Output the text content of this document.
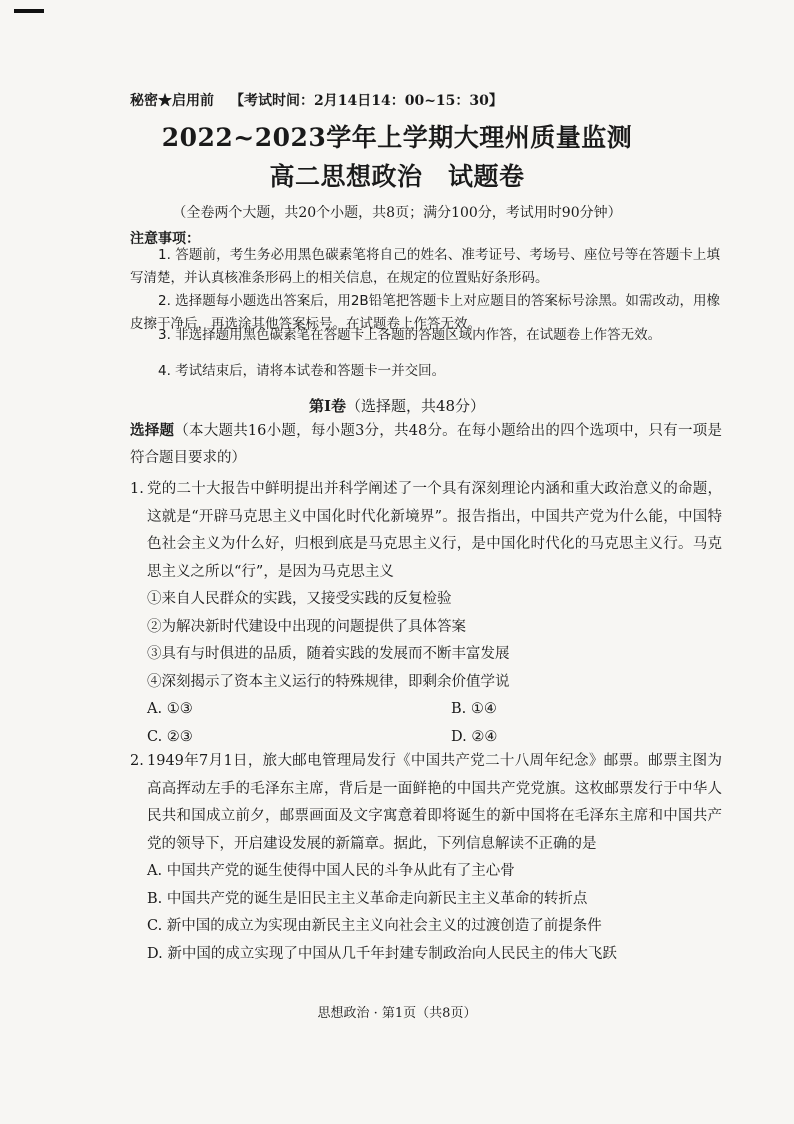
秘密★启用前 【考试时间：2月14日14：00~15：30】
2022~2023学年上学期大理州质量监测
高二思想政治　试题卷
（全卷两个大题，共20个小题，共8页；满分100分，考试用时90分钟）
注意事项：
1. 答题前，考生务必用黑色碳素笔将自己的姓名、准考证号、考场号、座位号等在答题卡上填写清楚，并认真核准条形码上的相关信息，在规定的位置贴好条形码。
2. 选择题每小题选出答案后，用2B铅笔把答题卡上对应题目的答案标号涂黑。如需改动，用橡皮擦干净后，再选涂其他答案标号。在试题卷上作答无效。
3. 非选择题用黑色碳素笔在答题卡上各题的答题区域内作答，在试题卷上作答无效。
4. 考试结束后，请将本试卷和答题卡一并交回。
第Ⅰ卷（选择题，共48分）
选择题（本大题共16小题，每小题3分，共48分。在每小题给出的四个选项中，只有一项是符合题目要求的）
1. 党的二十大报告中鲜明提出并科学阐述了一个具有深刻理论内涵和重大政治意义的命题，这就是“开辟马克思主义中国化时代化新境界”。报告指出，中国共产党为什么能，中国特色社会主义为什么好，归根到底是马克思主义行，是中国化时代化的马克思主义行。马克思主义之所以“行”，是因为马克思主义
①来自人民群众的实践，又接受实践的反复检验
②为解决新时代建设中出现的问题提供了具体答案
③具有与时俱进的品质，随着实践的发展而不断丰富发展
④深刻揭示了资本主义运行的特殊规律，即剩余价值学说
A. ①③	B. ①④
C. ②③	D. ②④
2. 1949年7月1日，旅大邮电管理局发行《中国共产党二十八周年纪念》邮票。邮票主图为高高挥动左手的毛泽东主席，背后是一面鲜艳的中国共产党党旗。这枚邮票发行于中华人民共和国成立前夕，邮票画面及文字寓意着即将诞生的新中国将在毛泽东主席和中国共产党的领导下，开启建设发展的新篇章。据此，下列信息解读不正确的是
A. 中国共产党的诞生使得中国人民的斗争从此有了主心骨
B. 中国共产党的诞生是旧民主主义革命走向新民主主义革命的转折点
C. 新中国的成立为实现由新民主主义向社会主义的过渡创造了前提条件
D. 新中国的成立实现了中国从几千年封建专制政治向人民民主的伟大飞跃
思想政治 · 第1页（共8页）
